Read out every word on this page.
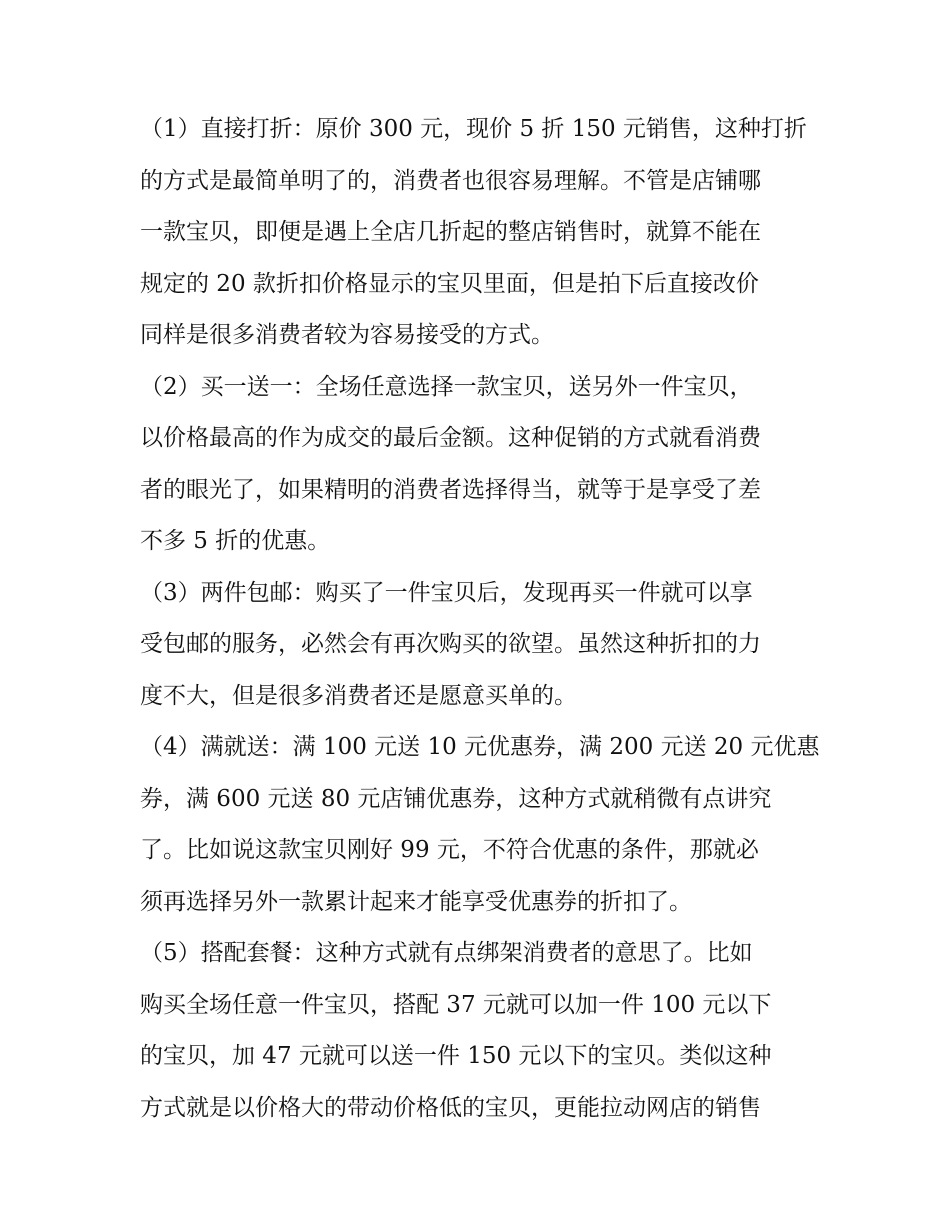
（1）直接打折：原价 300 元，现价 5 折 150 元销售，这种打折
的方式是最简单明了的，消费者也很容易理解。不管是店铺哪
一款宝贝，即便是遇上全店几折起的整店销售时，就算不能在
规定的 20 款折扣价格显示的宝贝里面，但是拍下后直接改价
同样是很多消费者较为容易接受的方式。
（2）买一送一：全场任意选择一款宝贝，送另外一件宝贝，
以价格最高的作为成交的最后金额。这种促销的方式就看消费
者的眼光了，如果精明的消费者选择得当，就等于是享受了差
不多 5 折的优惠。
（3）两件包邮：购买了一件宝贝后，发现再买一件就可以享
受包邮的服务，必然会有再次购买的欲望。虽然这种折扣的力
度不大，但是很多消费者还是愿意买单的。
（4）满就送：满 100 元送 10 元优惠券，满 200 元送 20 元优惠
券，满 600 元送 80 元店铺优惠券，这种方式就稍微有点讲究
了。比如说这款宝贝刚好 99 元，不符合优惠的条件，那就必
须再选择另外一款累计起来才能享受优惠券的折扣了。
（5）搭配套餐：这种方式就有点绑架消费者的意思了。比如
购买全场任意一件宝贝，搭配 37 元就可以加一件 100 元以下
的宝贝，加 47 元就可以送一件 150 元以下的宝贝。类似这种
方式就是以价格大的带动价格低的宝贝，更能拉动网店的销售
